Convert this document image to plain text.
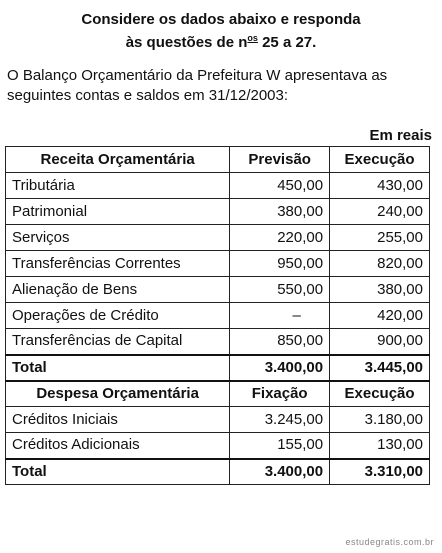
Considere os dados abaixo e responda
às questões de $n^{os}$ 25 a 27.
O Balanço Orçamentário da Prefeitura W apresentava as seguintes contas e saldos em 31/12/2003:
Em reais
Receita Orçamentária	Previsão	Execução
Tributária	450,00	430,00
Patrimonial	380,00	240,00
Serviços	220,00	255,00
Transferências Correntes	950,00	820,00
Alienação de Bens	550,00	380,00
Operações de Crédito	–	420,00
Transferências de Capital	850,00	900,00
Total	3.400,00	3.445,00
Despesa Orçamentária	Fixação	Execução
Créditos Iniciais	3.245,00	3.180,00
Créditos Adicionais	155,00	130,00
Total	3.400,00	3.310,00
estudegratis.com.br
